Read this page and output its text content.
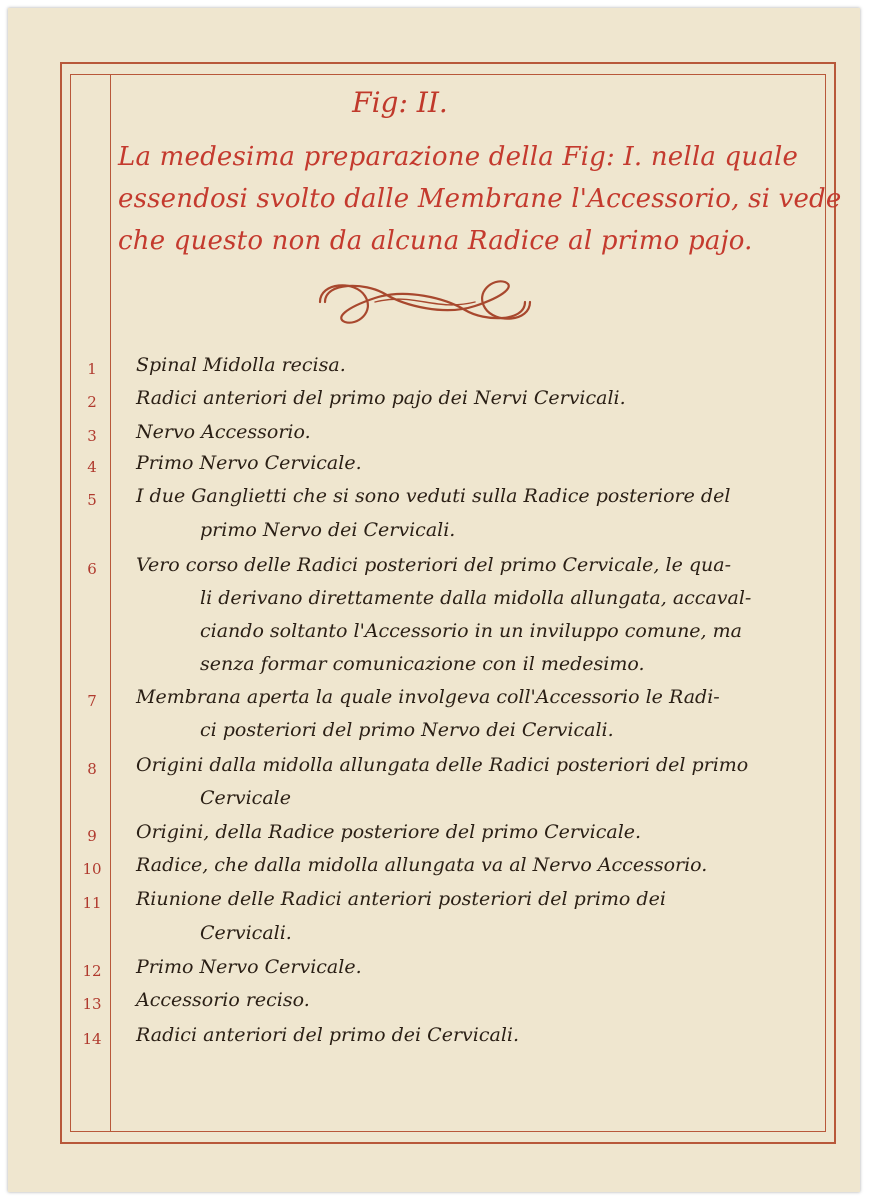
Fig: II.
La medesima preparazione della Fig: I. nella quale
essendosi svolto dalle Membrane l'Accessorio, si vede
che questo non da alcuna Radice al primo pajo.
1	Spinal Midolla recisa.
2	Radici anteriori del primo pajo dei Nervi Cervicali.
3	Nervo Accessorio.
4	Primo Nervo Cervicale.
5	I due Ganglietti che si sono veduti sulla Radice posteriore del
primo Nervo dei Cervicali.
6	Vero corso delle Radici posteriori del primo Cervicale, le qua-
li derivano direttamente dalla midolla allungata, accaval-
ciando soltanto l'Accessorio in un inviluppo comune, ma
senza formar comunicazione con il medesimo.
7	Membrana aperta la quale involgeva coll'Accessorio le Radi-
ci posteriori del primo Nervo dei Cervicali.
8	Origini dalla midolla allungata delle Radici posteriori del primo
Cervicale
9	Origini, della Radice posteriore del primo Cervicale.
10	Radice, che dalla midolla allungata va al Nervo Accessorio.
11	Riunione delle Radici anteriori posteriori del primo dei
Cervicali.
12	Primo Nervo Cervicale.
13	Accessorio reciso.
14	Radici anteriori del primo dei Cervicali.
